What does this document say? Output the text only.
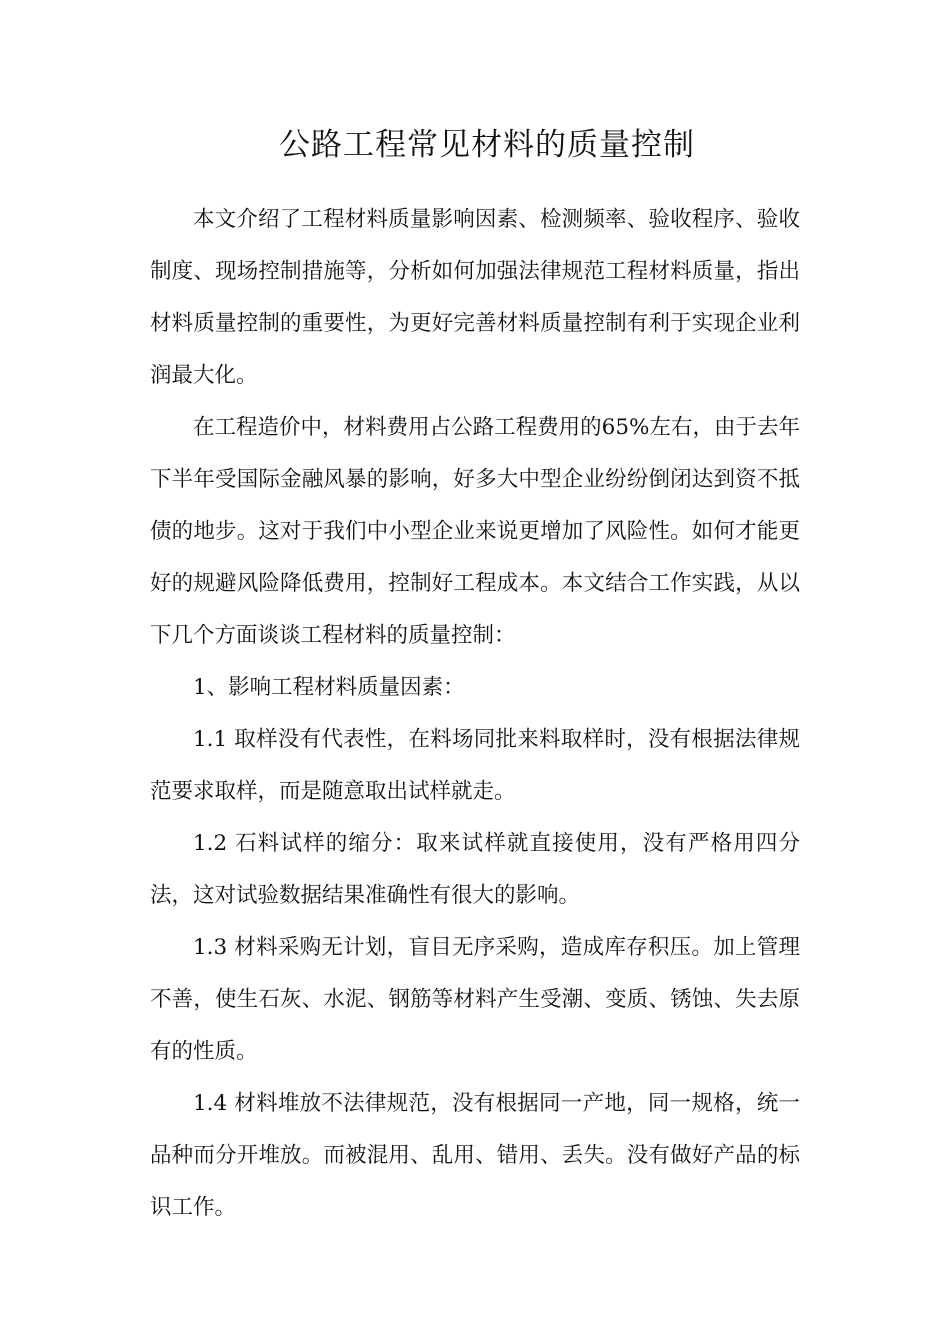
公路工程常见材料的质量控制

本文介绍了工程材料质量影响因素、检测频率、验收程序、验收制度、现场控制措施等，分析如何加强法律规范工程材料质量，指出材料质量控制的重要性，为更好完善材料质量控制有利于实现企业利润最大化。

在工程造价中，材料费用占公路工程费用的65%左右，由于去年下半年受国际金融风暴的影响，好多大中型企业纷纷倒闭达到资不抵债的地步。这对于我们中小型企业来说更增加了风险性。如何才能更好的规避风险降低费用，控制好工程成本。本文结合工作实践，从以下几个方面谈谈工程材料的质量控制：

1、影响工程材料质量因素：

1.1 取样没有代表性，在料场同批来料取样时，没有根据法律规范要求取样，而是随意取出试样就走。

1.2 石料试样的缩分：取来试样就直接使用，没有严格用四分法，这对试验数据结果准确性有很大的影响。

1.3 材料采购无计划，盲目无序采购，造成库存积压。加上管理不善，使生石灰、水泥、钢筋等材料产生受潮、变质、锈蚀、失去原有的性质。

1.4 材料堆放不法律规范，没有根据同一产地，同一规格，统一品种而分开堆放。而被混用、乱用、错用、丢失。没有做好产品的标识工作。
